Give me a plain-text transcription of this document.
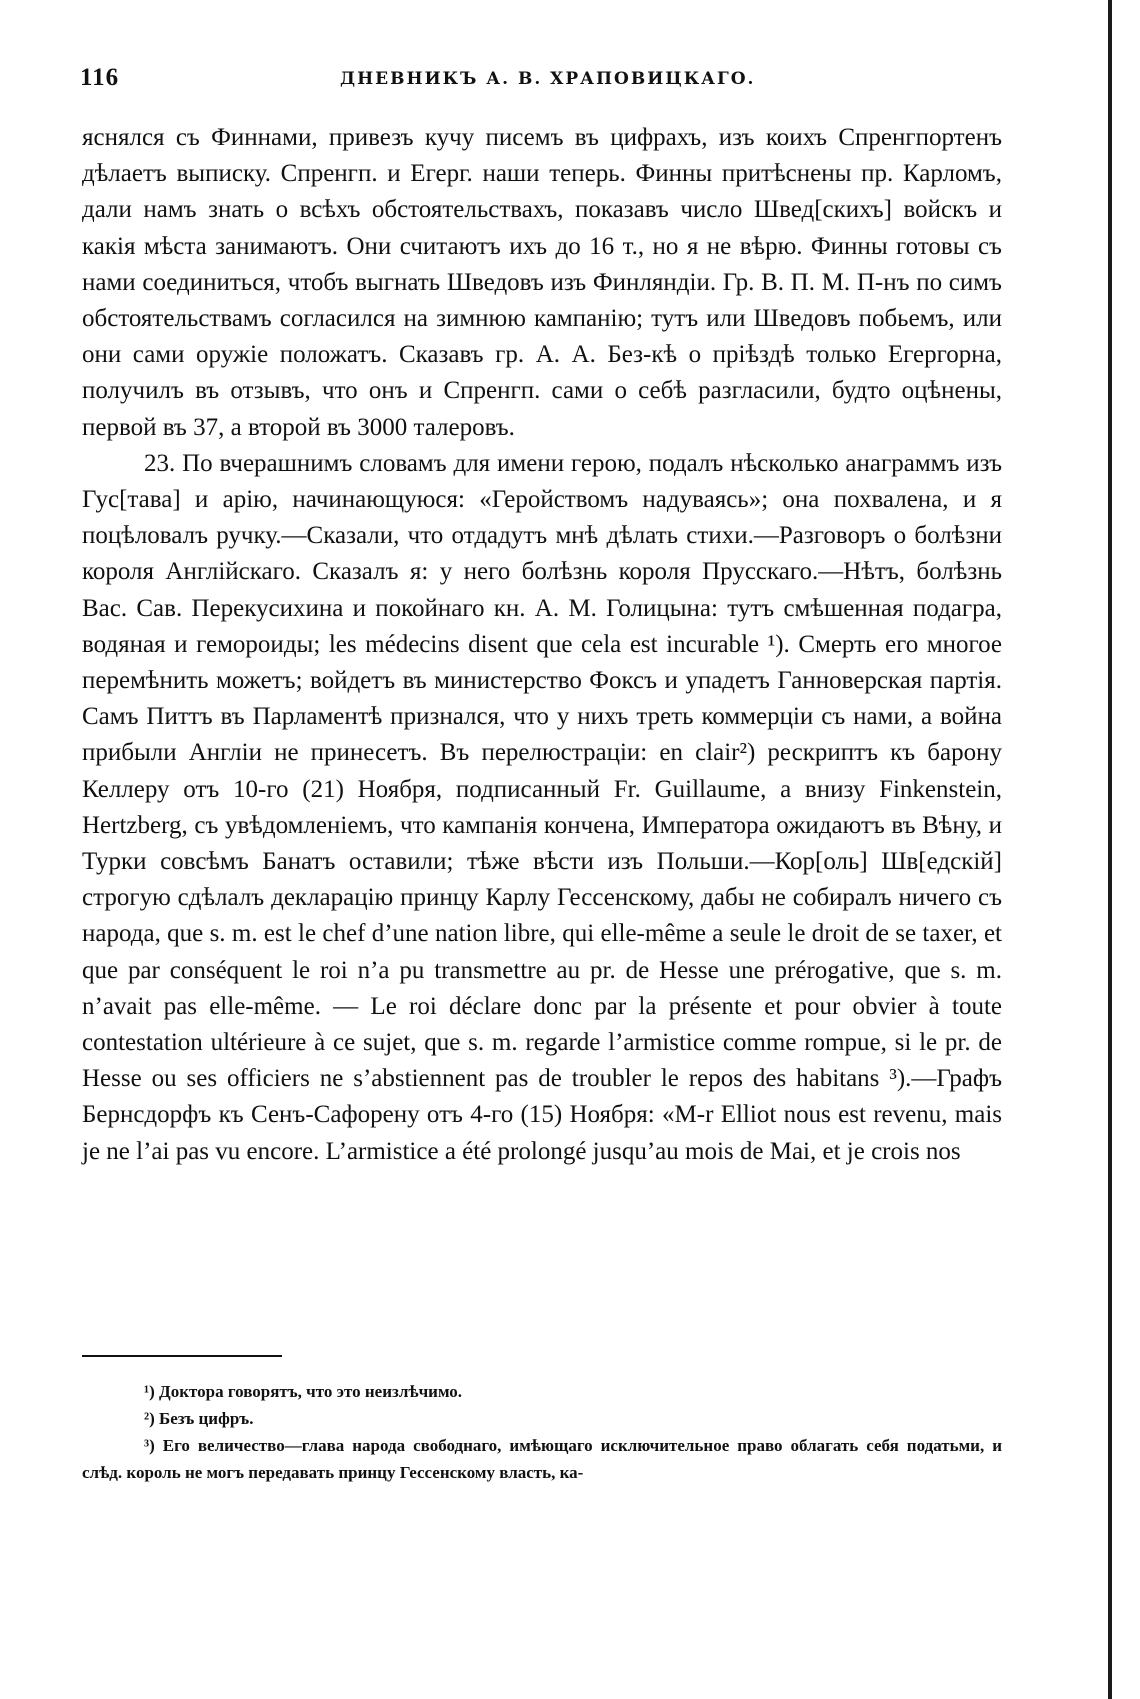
116	ДНЕВНИКЪ А. В. ХРАПОВИЦКАГО.

яснялся съ Финнами, привезъ кучу писемъ въ цифрахъ, изъ коихъ Спренгпортенъ дѣлаетъ выписку. Спренгп. и Егерг. наши теперь. Финны притѣснены пр. Карломъ, дали намъ знать о всѣхъ обстоятельствахъ, показавъ число Швед[скихъ] войскъ и какія мѣста занимаютъ. Они считаютъ ихъ до 16 т., но я не вѣрю. Финны готовы съ нами соединиться, чтобъ выгнать Шведовъ изъ Финляндіи. Гр. В. П. М. П-нъ по симъ обстоятельствамъ согласился на зимнюю кампанію; тутъ или Шведовъ побьемъ, или они сами оружіе положатъ. Сказавъ гр. А. А. Без-кѣ о пріѣздѣ только Егергорна, получилъ въ отзывъ, что онъ и Спренгп. сами о себѣ разгласили, будто оцѣнены, первой въ 37, а второй въ 3000 талеровъ.

23. По вчерашнимъ словамъ для имени герою, подалъ нѣсколько анаграммъ изъ Гус[тава] и арію, начинающуюся: «Геройствомъ надуваясь»; она похвалена, и я поцѣловалъ ручку.—Сказали, что отдадутъ мнѣ дѣлать стихи.—Разговоръ о болѣзни короля Англійскаго. Сказалъ я: у него болѣзнь короля Прусскаго.—Нѣтъ, болѣзнь Вас. Сав. Перекусихина и покойнаго кн. А. М. Голицына: тутъ смѣшенная подагра, водяная и гемороиды; les médecins disent que cela est incurable ¹). Смерть его многое перемѣнить можетъ; войдетъ въ министерство Фоксъ и упадетъ Ганноверская партія. Самъ Питтъ въ Парламентѣ признался, что у нихъ треть коммерціи съ нами, а война прибыли Англіи не принесетъ. Въ перелюстраціи: en clair²) рескриптъ къ барону Келлеру отъ 10-го (21) Ноября, подписанный Fr. Guillaume, а внизу Finkenstein, Hertzberg, съ увѣдомленіемъ, что кампанія кончена, Императора ожидаютъ въ Вѣну, и Турки совсѣмъ Банатъ оставили; тѣже вѣсти изъ Польши.—Кор[оль] Шв[едскій] строгую сдѣлалъ декларацію принцу Карлу Гессенскому, дабы не собиралъ ничего съ народа, que s. m. est le chef d’une nation libre, qui elle-même a seule le droit de se taxer, et que par conséquent le roi n’a pu transmettre au pr. de Hesse une prérogative, que s. m. n’avait pas elle-même. — Le roi déclare donc par la présente et pour obvier à toute contestation ultérieure à ce sujet, que s. m. regarde l’armistice comme rompue, si le pr. de Hesse ou ses officiers ne s’abstiennent pas de troubler le repos des habitans ³).—Графъ Бернсдорфъ къ Сенъ-Сафорену отъ 4-го (15) Ноября: «M-r Elliot nous est revenu, mais je ne l’ai pas vu encore. L’armistice a été prolongé jusqu’au mois de Mai, et je crois nos

¹) Доктора говорятъ, что это неизлѣчимо.

²) Безъ цифръ.

³) Его величество—глава народа свободнаго, имѣющаго исключительное право облагать себя податьми, и слѣд. король не могъ передавать принцу Гессенскому власть, ка-
